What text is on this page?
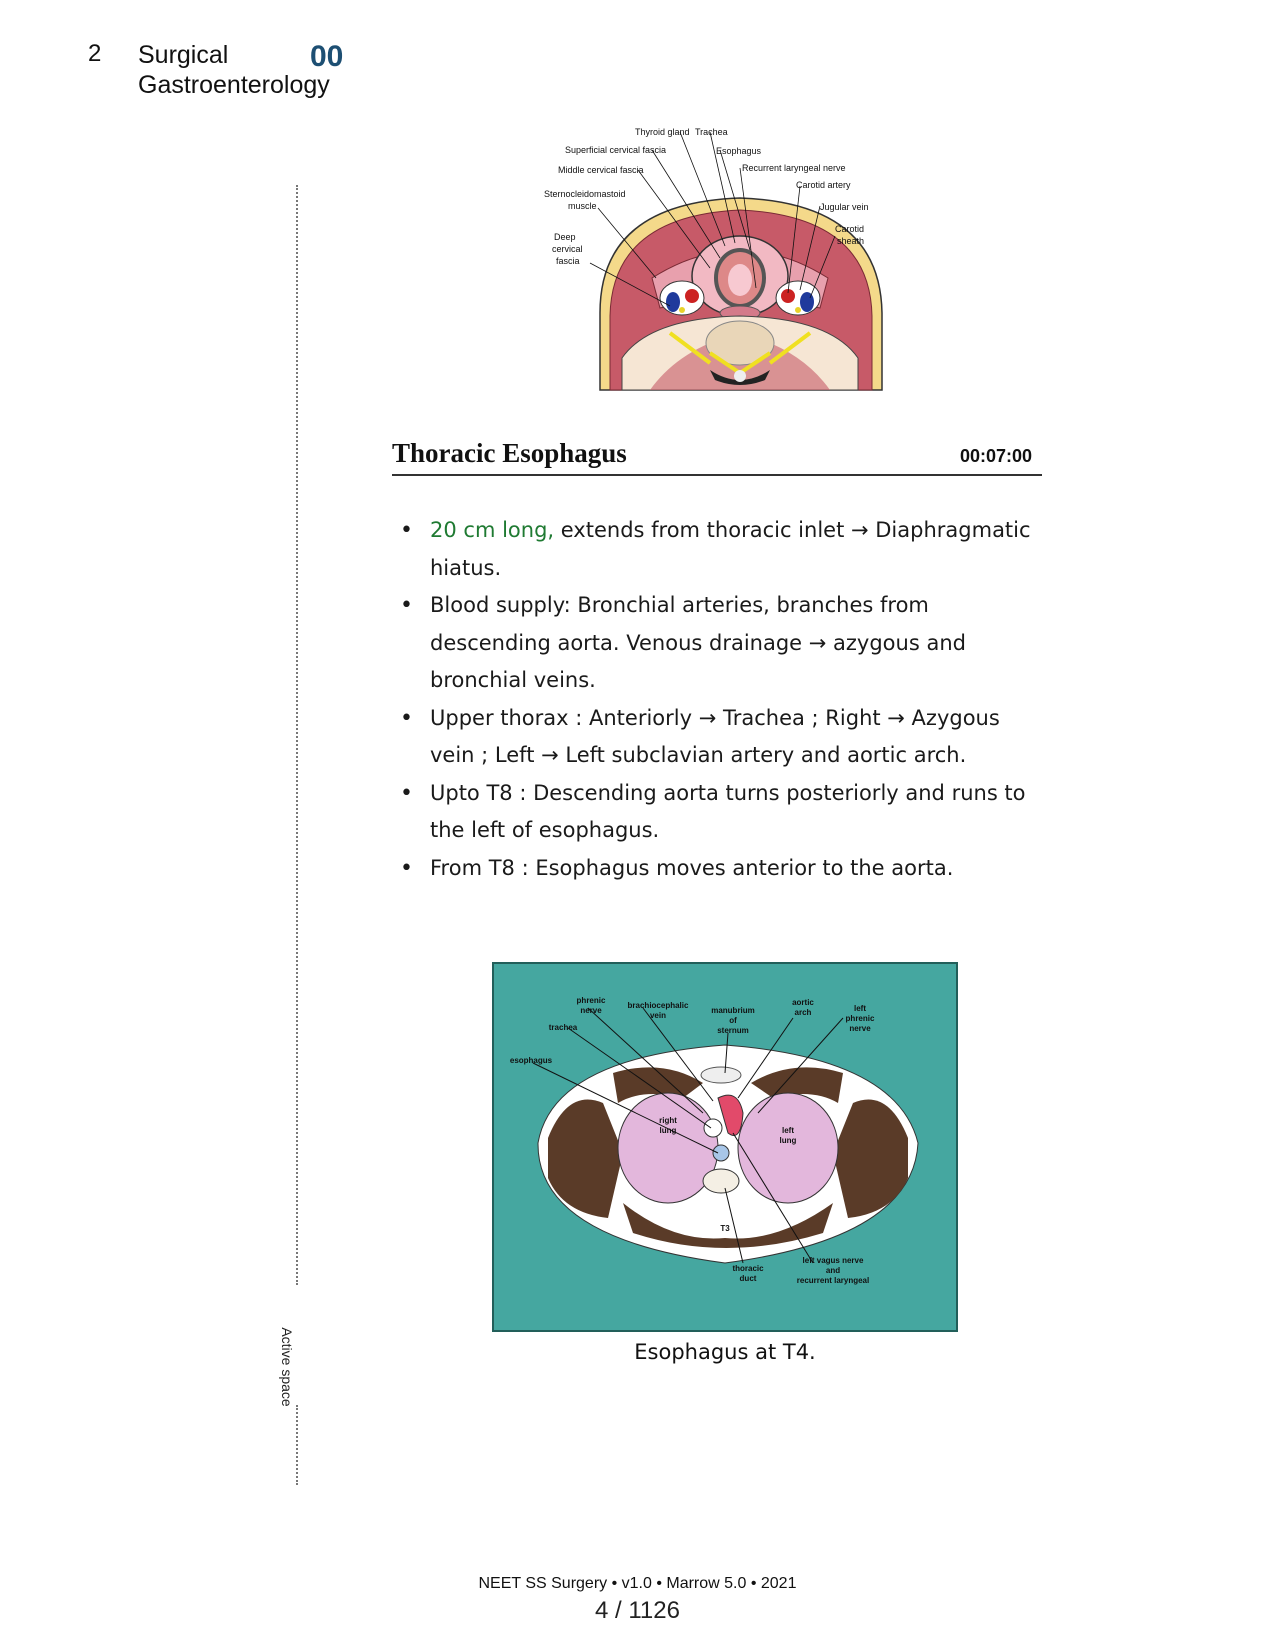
2 Surgical
Gastroenterology
00
Active space
Thyroid gland Trachea
Superficial cervical fascia	Esophagus
Middle cervical fascia	Recurrent laryngeal nerve
Carotid artery
Sternocleidomastoid
muscle	Jugular vein
Deep
cervical
fascia
Carotid
sheath
Thoracic Esophagus	00:07:00
• 20 cm long, extends from thoracic inlet → Diaphragmatic hiatus.
• Blood supply: Bronchial arteries, branches from descending aorta. Venous drainage → azygous and bronchial veins.
• Upper thorax : Anteriorly → Trachea ; Right → Azygous vein ; Left → Left subclavian artery and aortic arch.
• Upto T8 : Descending aorta turns posteriorly and runs to the left of esophagus.
• From T8 : Esophagus moves anterior to the aorta.
phrenic
nerve
brachiocephalic
vein
manubrium
of
sternum
aortic
arch	left
phrenic
nerve
trachea
esophagus
right
lung	left
lung
T3
thoracic
duct
left vagus nerve
and
recurrent laryngeal
Esophagus at T4.
NEET SS Surgery • v1.0 • Marrow 5.0 • 2021
4 / 1126
